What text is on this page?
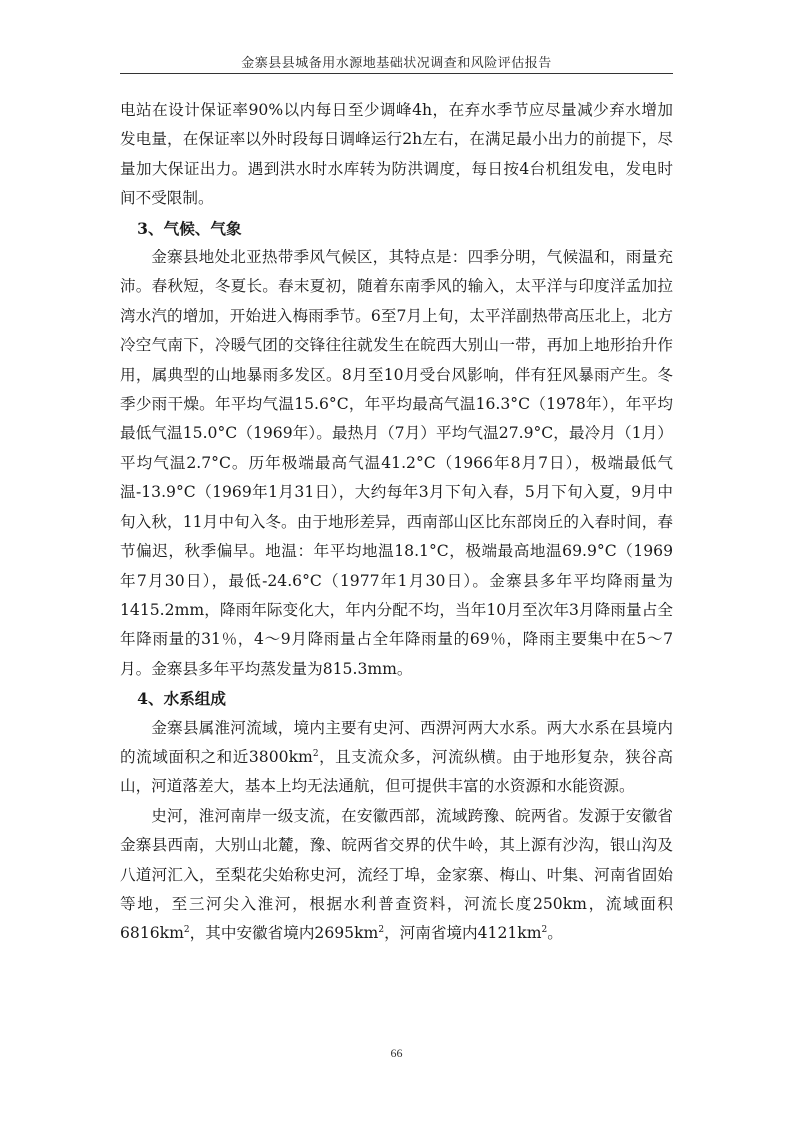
金寨县县城备用水源地基础状况调查和风险评估报告

电站在设计保证率90%以内每日至少调峰4h，在弃水季节应尽量减少弃水增加发电量，在保证率以外时段每日调峰运行2h左右，在满足最小出力的前提下，尽量加大保证出力。遇到洪水时水库转为防洪调度，每日按4台机组发电，发电时间不受限制。

3、气候、气象

金寨县地处北亚热带季风气候区，其特点是：四季分明，气候温和，雨量充沛。春秋短，冬夏长。春末夏初，随着东南季风的输入，太平洋与印度洋孟加拉湾水汽的增加，开始进入梅雨季节。6至7月上旬，太平洋副热带高压北上，北方冷空气南下，冷暖气团的交锋往往就发生在皖西大别山一带，再加上地形抬升作用，属典型的山地暴雨多发区。8月至10月受台风影响，伴有狂风暴雨产生。冬季少雨干燥。年平均气温15.6°C，年平均最高气温16.3°C（1978年），年平均最低气温15.0°C（1969年）。最热月（7月）平均气温27.9°C，最冷月（1月）平均气温2.7°C。历年极端最高气温41.2°C（1966年8月7日），极端最低气温-13.9°C（1969年1月31日），大约每年3月下旬入春，5月下旬入夏，9月中旬入秋，11月中旬入冬。由于地形差异，西南部山区比东部岗丘的入春时间，春节偏迟，秋季偏早。地温：年平均地温18.1°C，极端最高地温69.9°C（1969年7月30日），最低-24.6°C（1977年1月30日）。金寨县多年平均降雨量为1415.2mm，降雨年际变化大，年内分配不均，当年10月至次年3月降雨量占全年降雨量的31％，4～9月降雨量占全年降雨量的69％，降雨主要集中在5～7月。金寨县多年平均蒸发量为815.3mm。

4、水系组成

金寨县属淮河流域，境内主要有史河、西淠河两大水系。两大水系在县境内的流域面积之和近$3800km^2$，且支流众多，河流纵横。由于地形复杂，狭谷高山，河道落差大，基本上均无法通航，但可提供丰富的水资源和水能资源。

史河，淮河南岸一级支流，在安徽西部，流域跨豫、皖两省。发源于安徽省金寨县西南，大别山北麓，豫、皖两省交界的伏牛岭，其上源有沙沟，银山沟及八道河汇入，至梨花尖始称史河，流经丁埠，金家寨、梅山、叶集、河南省固始等地，至三河尖入淮河，根据水利普查资料，河流长度250km，流域面积$6816km^2$，其中安徽省境内$2695km^2$，河南省境内$4121km^2$。

66
